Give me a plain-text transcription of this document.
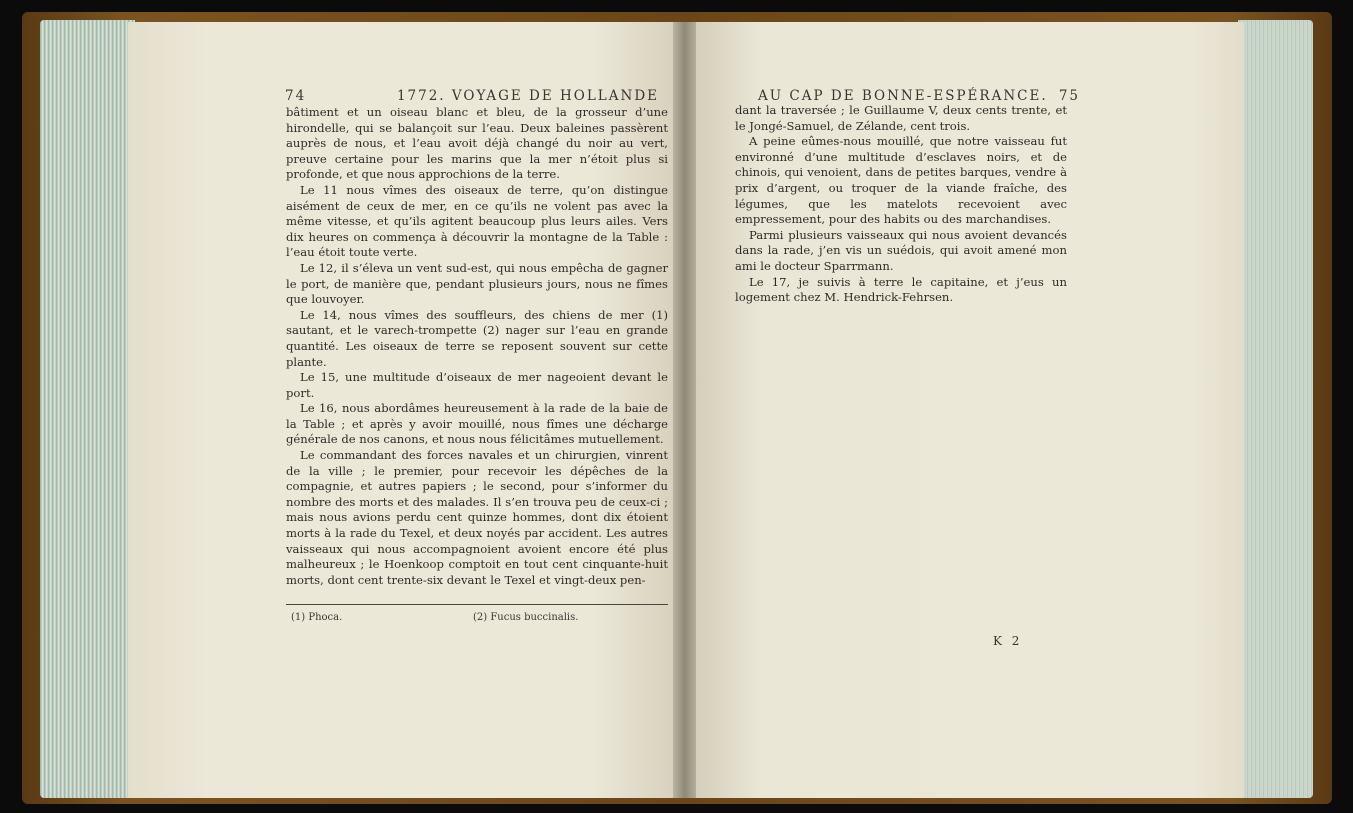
74	1772. VOYAGE DE HOLLANDE

bâtiment et un oiseau blanc et bleu, de la grosseur d’une hirondelle, qui se balançoit sur l’eau. Deux baleines passèrent auprès de nous, et l’eau avoit déjà changé du noir au vert, preuve certaine pour les marins que la mer n’étoit plus si profonde, et que nous approchions de la terre.

Le 11 nous vîmes des oiseaux de terre, qu’on distingue aisément de ceux de mer, en ce qu’ils ne volent pas avec la même vitesse, et qu’ils agitent beaucoup plus leurs ailes. Vers dix heures on commença à découvrir la montagne de la Table : l’eau étoit toute verte.

Le 12, il s’éleva un vent sud-est, qui nous empêcha de gagner le port, de manière que, pendant plusieurs jours, nous ne fîmes que louvoyer.

Le 14, nous vîmes des souffleurs, des chiens de mer (1) sautant, et le varech-trompette (2) nager sur l’eau en grande quantité. Les oiseaux de terre se reposent souvent sur cette plante.

Le 15, une multitude d’oiseaux de mer nageoient devant le port.

Le 16, nous abordâmes heureusement à la rade de la baie de la Table ; et après y avoir mouillé, nous fîmes une décharge générale de nos canons, et nous nous félicitâmes mutuellement.

Le commandant des forces navales et un chirurgien, vinrent de la ville ; le premier, pour recevoir les dépêches de la compagnie, et autres papiers ; le second, pour s’informer du nombre des morts et des malades. Il s’en trouva peu de ceux-ci ; mais nous avions perdu cent quinze hommes, dont dix étoient morts à la rade du Texel, et deux noyés par accident. Les autres vaisseaux qui nous accompagnoient avoient encore été plus malheureux ; le Hoenkoop comptoit en tout cent cinquante-huit morts, dont cent trente-six devant le Texel et vingt-deux pen-

(1) Phoca.	(2) Fucus buccinalis.
AU CAP DE BONNE-ESPÉRANCE. 75

dant la traversée ; le Guillaume V, deux cents trente, et le Jongé-Samuel, de Zélande, cent trois.

A peine eûmes-nous mouillé, que notre vaisseau fut environné d’une multitude d’esclaves noirs, et de chinois, qui venoient, dans de petites barques, vendre à prix d’argent, ou troquer de la viande fraîche, des légumes, que les matelots recevoient avec empressement, pour des habits ou des marchandises.

Parmi plusieurs vaisseaux qui nous avoient devancés dans la rade, j’en vis un suédois, qui avoit amené mon ami le docteur Sparrmann.

Le 17, je suivis à terre le capitaine, et j’eus un logement chez M. Hendrick-Fehrsen.

K 2
